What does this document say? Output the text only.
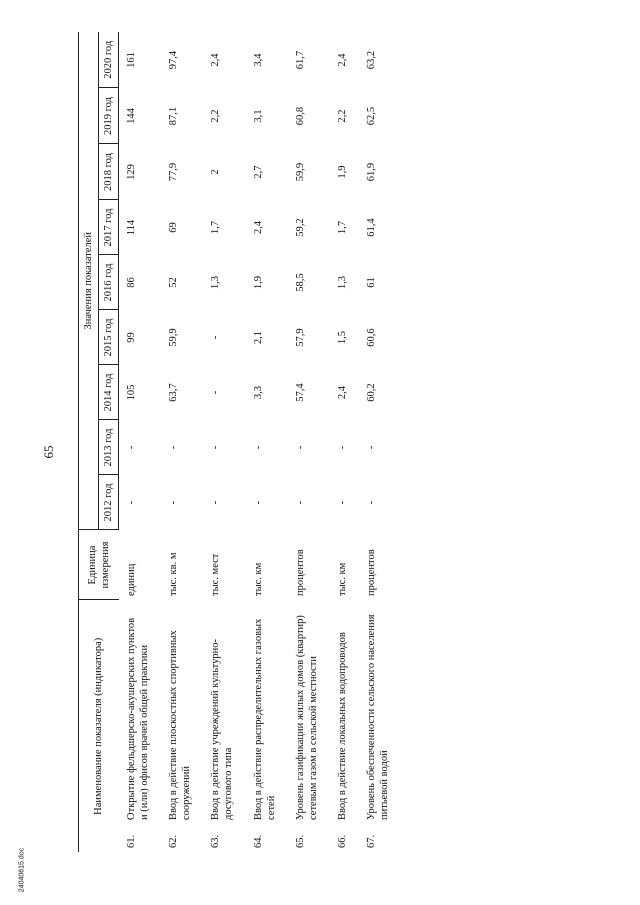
65
24040615.doc
Наименование показателя (индикатора)	Единица измерения	Значения показателей								
		2012 год	2013 год	2014 год	2015 год	2016 год	2017 год	2018 год	2019 год	2020 год
61.Открытие фельдшерско-акушерских пунктов и (или) офисов врачей общей практики	единиц	-	-	105	99	86	114	129	144	161
62.Ввод в действие плоскостных спортивных сооружений	тыс. кв. м	-	-	63,7	59,9	52	69	77,9	87,1	97,4
63.Ввод в действие учреждений культурно-досугового типа	тыс. мест	-	-	-	-	1,3	1,7	2	2,2	2,4
64.Ввод в действие распределительных газовых сетей	тыс. км	-	-	3,3	2,1	1,9	2,4	2,7	3,1	3,4
65.Уровень газификации жилых домов (квартир) сетевым газом в сельской местности	процентов	-	-	57,4	57,9	58,5	59,2	59,9	60,8	61,7
66.Ввод в действие локальных водопроводов	тыс. км	-	-	2,4	1,5	1,3	1,7	1,9	2,2	2,4
67.Уровень обеспеченности сельского населения питьевой водой	процентов	-	-	60,2	60,6	61	61,4	61,9	62,5	63,2
